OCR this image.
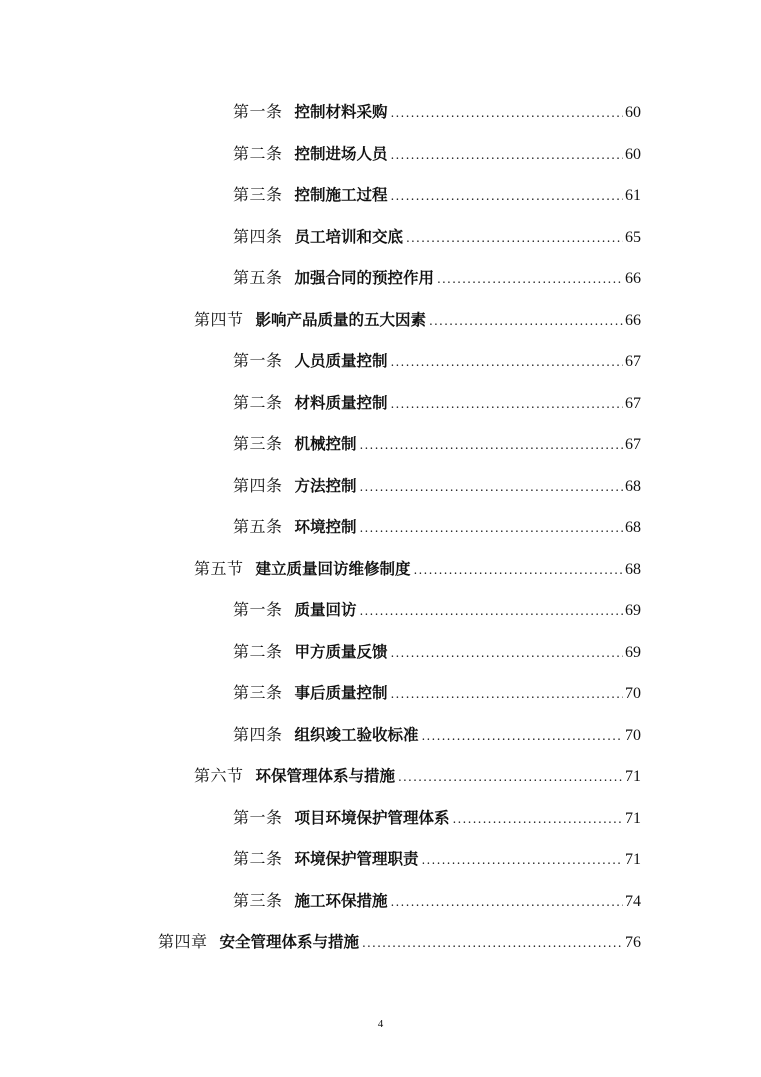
第一条 控制材料采购 .....	60
第二条 控制进场人员 .....	60
第三条 控制施工过程 .....	61
第四条 员工培训和交底 .....	65
第五条 加强合同的预控作用 .....	66
第四节 影响产品质量的五大因素 .....	66
第一条 人员质量控制 .....	67
第二条 材料质量控制 .....	67
第三条 机械控制 .....	67
第四条 方法控制 .....	68
第五条 环境控制 .....	68
第五节 建立质量回访维修制度 .....	68
第一条 质量回访 .....	69
第二条 甲方质量反馈 .....	69
第三条 事后质量控制 .....	70
第四条 组织竣工验收标准 .....	70
第六节 环保管理体系与措施 .....	71
第一条 项目环境保护管理体系 .....	71
第二条 环境保护管理职责 .....	71
第三条 施工环保措施 .....	74
第四章 安全管理体系与措施 .....	76
4
